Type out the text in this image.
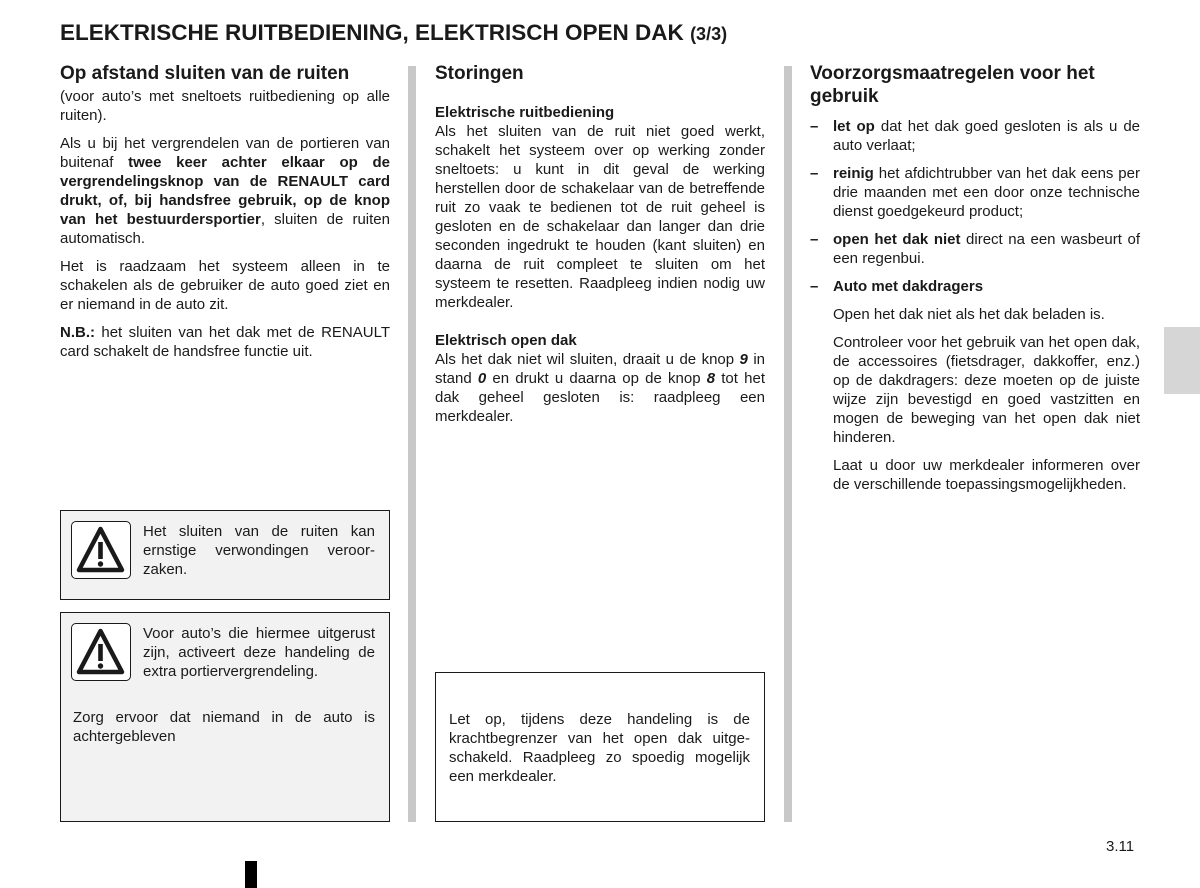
ELEKTRISCHE RUITBEDIENING, ELEKTRISCH OPEN DAK (3/3)
3.11
Op afstand sluiten van de ruiten

(voor auto’s met sneltoets ruitbediening op alle ruiten).

Als u bij het vergrendelen van de portieren van buitenaf twee keer achter elkaar op de vergrendelingsknop van de RENAULT card drukt, of, bij handsfree gebruik, op de knop van het bestuurdersportier, sluiten de ruiten automatisch.

Het is raadzaam het systeem alleen in te schakelen als de gebruiker de auto goed ziet en er niemand in de auto zit.

N.B.: het sluiten van het dak met de RENAULT card schakelt de handsfree functie uit.

Het sluiten van de ruiten kan ernstige verwondingen veroorzaken.
Voor auto’s die hiermee uitgerust zijn, activeert deze handeling de extra portiervergrendeling.
Zorg ervoor dat niemand in de auto is achtergebleven
Storingen
Elektrische ruitbediening

Als het sluiten van de ruit niet goed werkt, schakelt het systeem over op werking zonder sneltoets: u kunt in dit geval de werking herstellen door de schakelaar van de betreffende ruit zo vaak te bedienen tot de ruit geheel is gesloten en de schakelaar dan langer dan drie seconden ingedrukt te houden (kant sluiten) en daarna de ruit compleet te sluiten om het systeem te resetten. Raadpleeg indien nodig uw merkdealer.

Elektrisch open dak

Als het dak niet wil sluiten, draait u de knop 9 in stand 0 en drukt u daarna op de knop 8 tot het dak geheel gesloten is: raadpleeg een merkdealer.

Let op, tijdens deze handeling is de krachtbegrenzer van het open dak uitgeschakeld. Raadpleeg zo spoedig mogelijk een merkdealer.
Voorzorgsmaatregelen voor het gebruik
– let op dat het dak goed gesloten is als u de auto verlaat;
– reinig het afdichtrubber van het dak eens per drie maanden met een door onze technische dienst goedgekeurd product;
– open het dak niet direct na een wasbeurt of een regenbui.
– Auto met dakdragers

Open het dak niet als het dak beladen is.

Controleer voor het gebruik van het open dak, de accessoires (fietsdrager, dakkoffer, enz.) op de dakdragers: deze moeten op de juiste wijze zijn bevestigd en goed vastzitten en mogen de beweging van het open dak niet hinderen.

Laat u door uw merkdealer informeren over de verschillende toepassingsmogelijkheden.
